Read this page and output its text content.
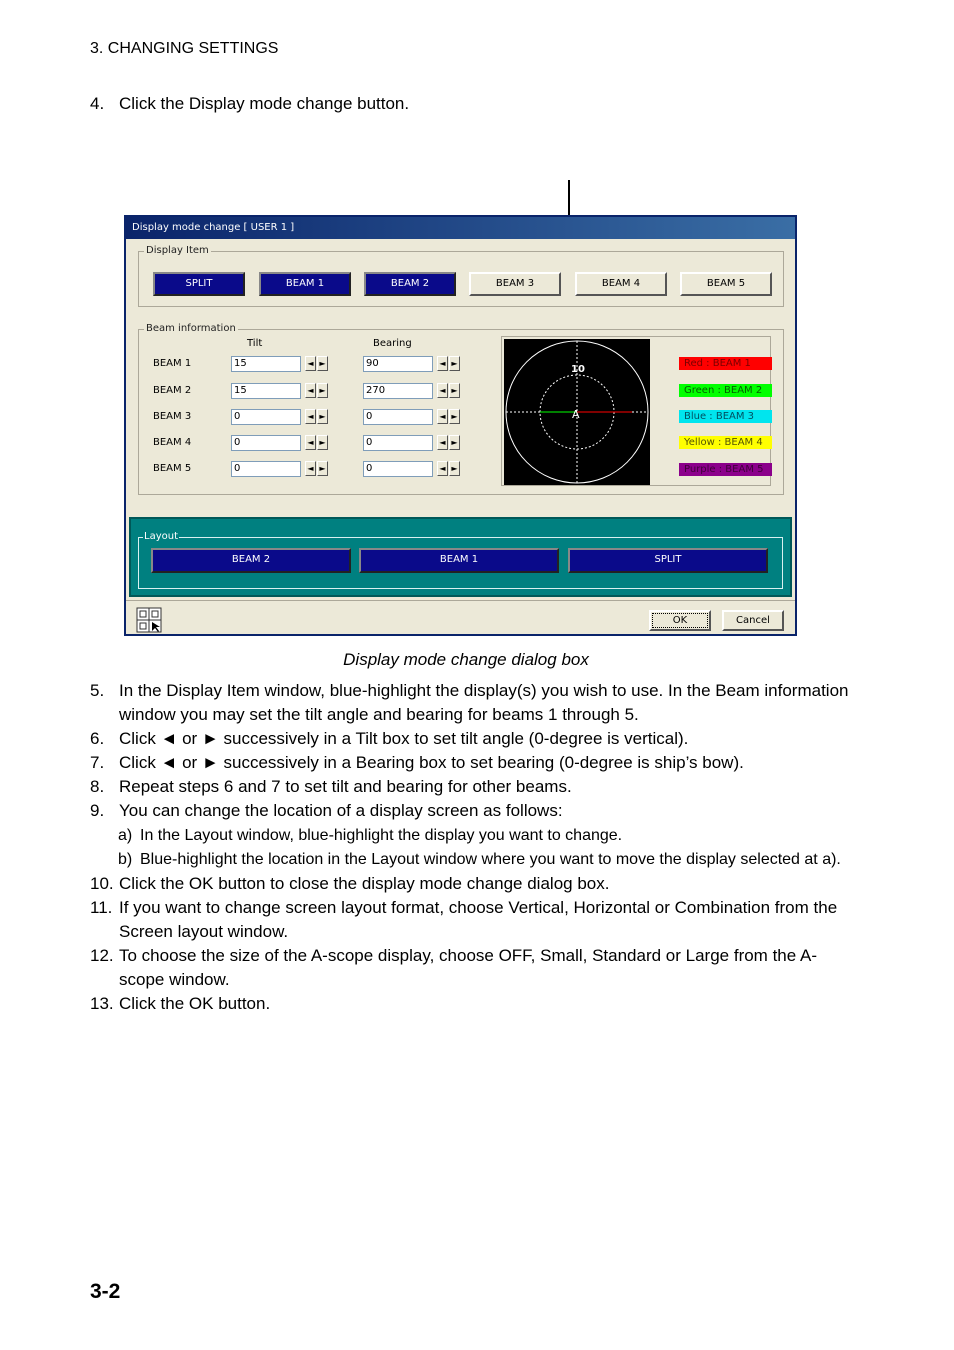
3. CHANGING SETTINGS
4. Click the Display mode change button.
Display mode change [ USER 1 ]
Display Item
SPLIT	BEAM 1	BEAM 2	BEAM 3	BEAM 4	BEAM 5
Beam information
Tilt	Bearing
BEAM 1	15	◄ ►	90	◄ ►
BEAM 2	15	◄ ►	270	◄ ►
BEAM 3	0	◄ ►	0	◄ ►
BEAM 4	0	◄ ►	0	◄ ►
BEAM 5	0	◄ ►	0	◄ ►
10
A
Red : BEAM 1
Green : BEAM 2
Blue : BEAM 3
Yellow : BEAM 4
Purple : BEAM 5
Layout
BEAM 2	BEAM 1	SPLIT
OK	Cancel
Display mode change dialog box

5. In the Display Item window, blue-highlight the display(s) you wish to use. In the Beam information window you may set the tilt angle and bearing for beams 1 through 5.

6. Click ◄ or ► successively in a Tilt box to set tilt angle (0-degree is vertical).

7. Click ◄ or ► successively in a Bearing box to set bearing (0-degree is ship’s bow).

8. Repeat steps 6 and 7 to set tilt and bearing for other beams.

9. You can change the location of a display screen as follows:

a) In the Layout window, blue-highlight the display you want to change.

b) Blue-highlight the location in the Layout window where you want to move the display selected at a).

10. Click the OK button to close the display mode change dialog box.

11. If you want to change screen layout format, choose Vertical, Horizontal or Combination from the Screen layout window.

12. To choose the size of the A-scope display, choose OFF, Small, Standard or Large from the A-scope window.

13. Click the OK button.

3-2
